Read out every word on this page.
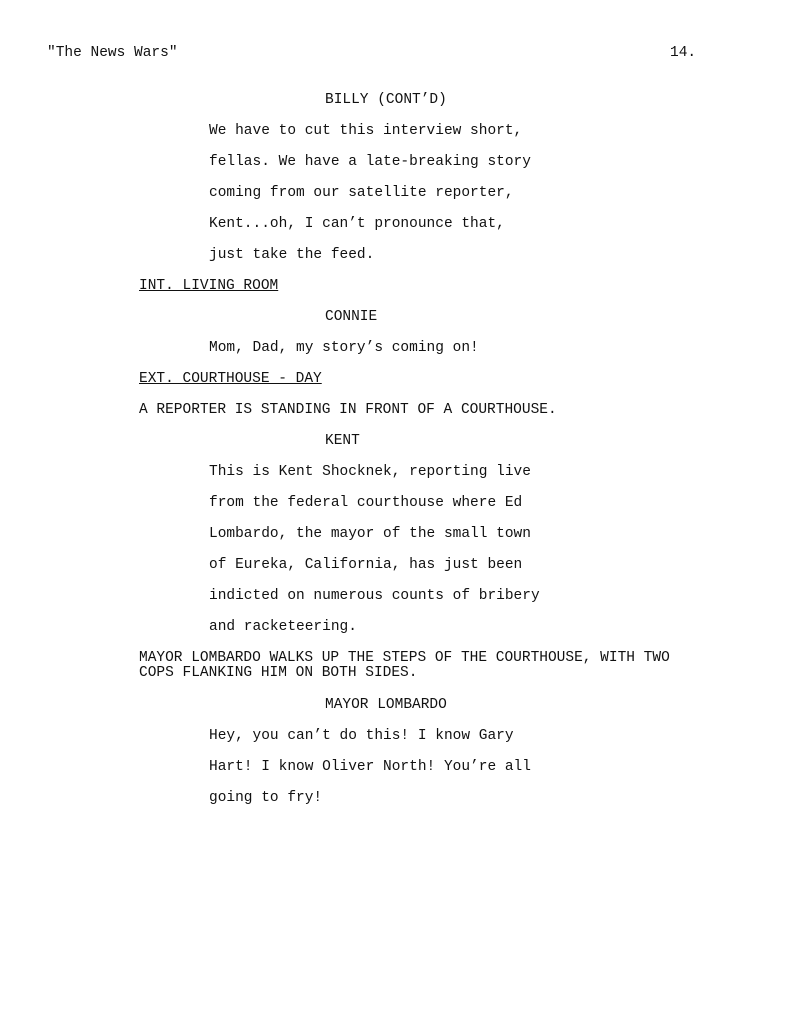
"The News Wars"	14.
BILLY (CONT’D)
We have to cut this interview short,
fellas. We have a late-breaking story
coming from our satellite reporter,
Kent...oh, I can’t pronounce that,
just take the feed.
INT. LIVING ROOM
CONNIE
Mom, Dad, my story’s coming on!
EXT. COURTHOUSE - DAY
A REPORTER IS STANDING IN FRONT OF A COURTHOUSE.
KENT
This is Kent Shocknek, reporting live
from the federal courthouse where Ed
Lombardo, the mayor of the small town
of Eureka, California, has just been
indicted on numerous counts of bribery
and racketeering.
MAYOR LOMBARDO WALKS UP THE STEPS OF THE COURTHOUSE, WITH TWO
COPS FLANKING HIM ON BOTH SIDES.
MAYOR LOMBARDO
Hey, you can’t do this! I know Gary
Hart! I know Oliver North! You’re all
going to fry!
